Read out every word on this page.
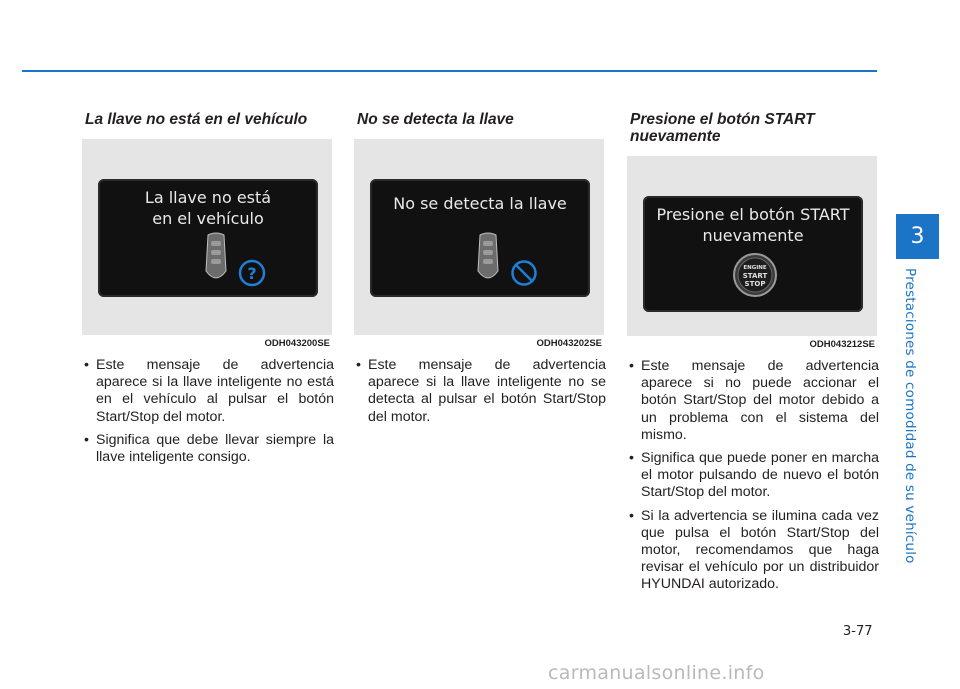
La llave no está en el vehículo
La llave no está
en el vehículo
?
ODH043200SE
• Este mensaje de advertencia aparece si la llave inteligente no está en el vehículo al pulsar el botón Start/Stop del motor.
• Significa que debe llevar siempre la llave inteligente consigo.
No se detecta la llave
No se detecta la llave
ODH043202SE
• Este mensaje de advertencia aparece si la llave inteligente no se detecta al pulsar el botón Start/Stop del motor.
Presione el botón START
nuevamente
Presione el botón START
nuevamente
ENGINE
START
STOP
ODH043212SE
• Este mensaje de advertencia aparece si no puede accionar el botón Start/Stop del motor debido a un problema con el sistema del mismo.
• Significa que puede poner en marcha el motor pulsando de nuevo el botón Start/Stop del motor.
• Si la advertencia se ilumina cada vez que pulsa el botón Start/Stop del motor, recomendamos que haga revisar el vehículo por un distribuidor HYUNDAI autorizado.
3
Prestaciones de comodidad de su vehículo
3-77
carmanualsonline.info
